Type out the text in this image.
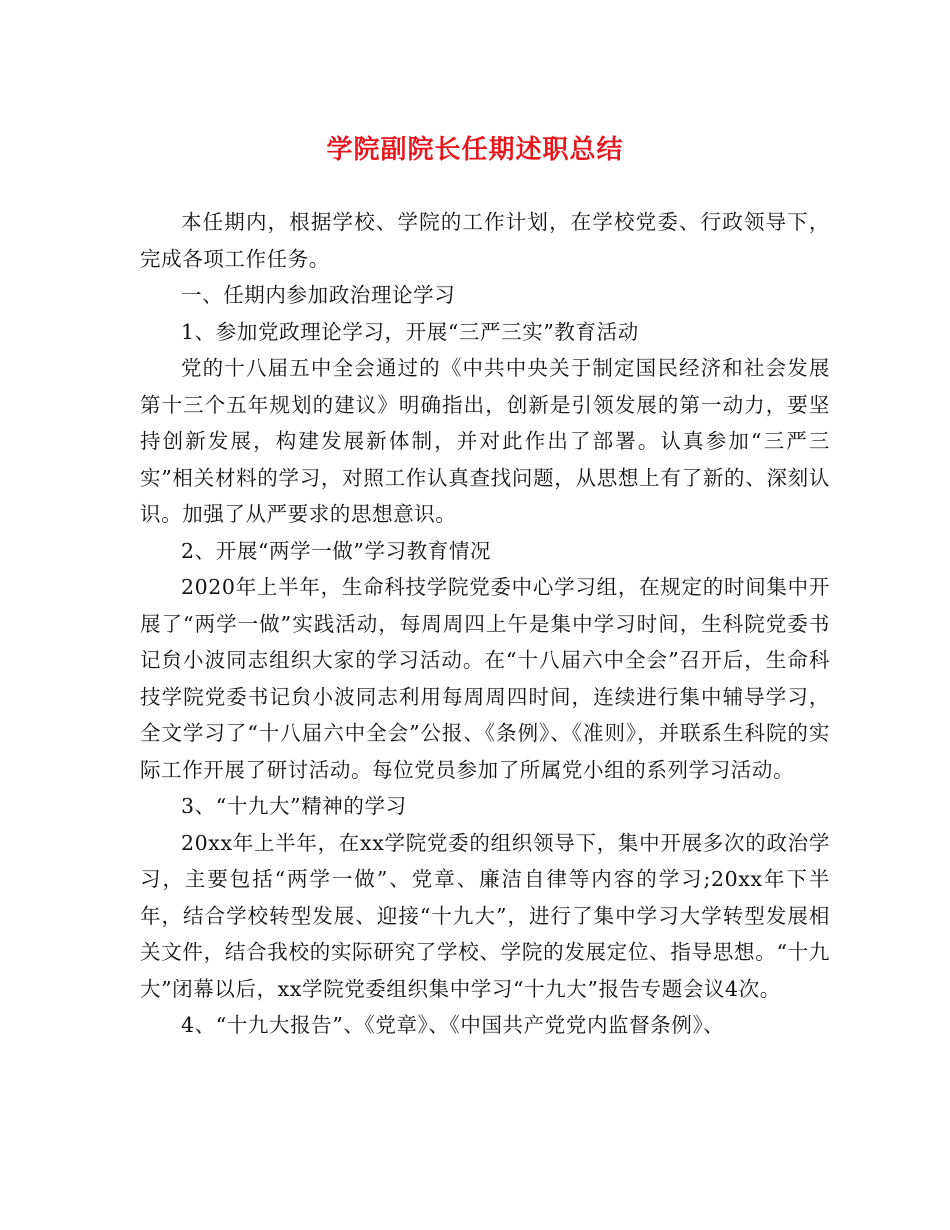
学院副院长任期述职总结

本任期内，根据学校、学院的工作计划，在学校党委、行政领导下，完成各项工作任务。

一、任期内参加政治理论学习

1、参加党政理论学习，开展“三严三实”教育活动

党的十八届五中全会通过的《中共中央关于制定国民经济和社会发展第十三个五年规划的建议》明确指出，创新是引领发展的第一动力，要坚持创新发展，构建发展新体制，并对此作出了部署。认真参加“三严三实”相关材料的学习，对照工作认真查找问题，从思想上有了新的、深刻认识。加强了从严要求的思想意识。

2、开展“两学一做”学习教育情况

2020年上半年，生命科技学院党委中心学习组，在规定的时间集中开展了“两学一做”实践活动，每周周四上午是集中学习时间，生科院党委书记贠小波同志组织大家的学习活动。在“十八届六中全会”召开后，生命科技学院党委书记贠小波同志利用每周周四时间，连续进行集中辅导学习，全文学习了“十八届六中全会”公报、《条例》、《准则》，并联系生科院的实际工作开展了研讨活动。每位党员参加了所属党小组的系列学习活动。

3、“十九大”精神的学习

20xx年上半年，在xx学院党委的组织领导下，集中开展多次的政治学习，主要包括“两学一做”、党章、廉洁自律等内容的学习;20xx年下半年，结合学校转型发展、迎接“十九大”，进行了集中学习大学转型发展相关文件，结合我校的实际研究了学校、学院的发展定位、指导思想。“十九大”闭幕以后，xx学院党委组织集中学习“十九大”报告专题会议4次。

4、“十九大报告”、《党章》、《中国共产党党内监督条例》、
